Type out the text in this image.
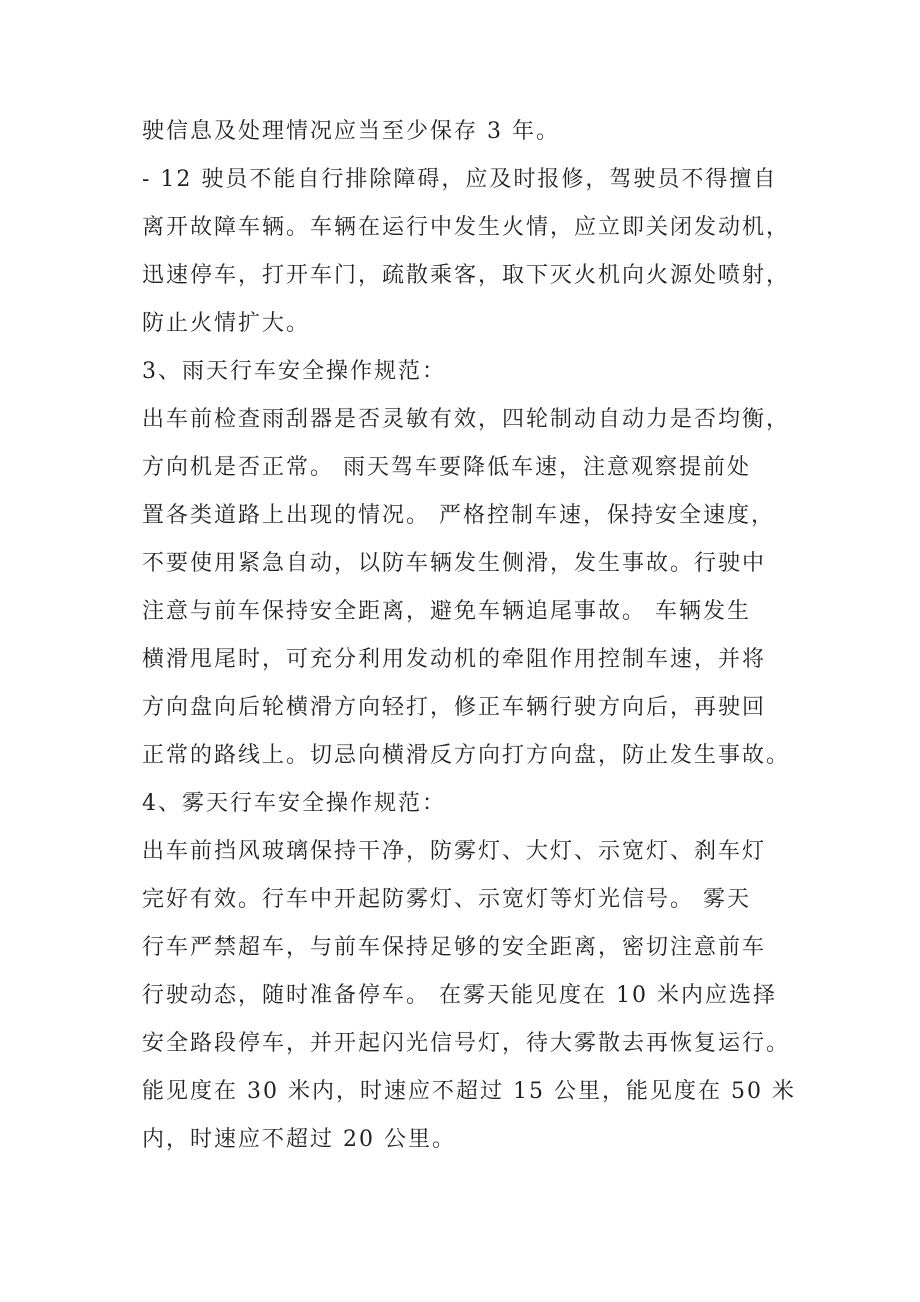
驶信息及处理情况应当至少保存 3 年。
- 12 驶员不能自行排除障碍，应及时报修，驾驶员不得擅自
离开故障车辆。车辆在运行中发生火情，应立即关闭发动机，
迅速停车，打开车门，疏散乘客，取下灭火机向火源处喷射，
防止火情扩大。
3、雨天行车安全操作规范：
出车前检查雨刮器是否灵敏有效，四轮制动自动力是否均衡，
方向机是否正常。 雨天驾车要降低车速，注意观察提前处
置各类道路上出现的情况。 严格控制车速，保持安全速度，
不要使用紧急自动，以防车辆发生侧滑，发生事故。行驶中
注意与前车保持安全距离，避免车辆追尾事故。 车辆发生
横滑甩尾时，可充分利用发动机的牵阻作用控制车速，并将
方向盘向后轮横滑方向轻打，修正车辆行驶方向后，再驶回
正常的路线上。切忌向横滑反方向打方向盘，防止发生事故。
4、雾天行车安全操作规范：
出车前挡风玻璃保持干净，防雾灯、大灯、示宽灯、刹车灯
完好有效。行车中开起防雾灯、示宽灯等灯光信号。 雾天
行车严禁超车，与前车保持足够的安全距离，密切注意前车
行驶动态，随时准备停车。 在雾天能见度在 10 米内应选择
安全路段停车，并开起闪光信号灯，待大雾散去再恢复运行。
能见度在 30 米内，时速应不超过 15 公里，能见度在 50 米
内，时速应不超过 20 公里。
